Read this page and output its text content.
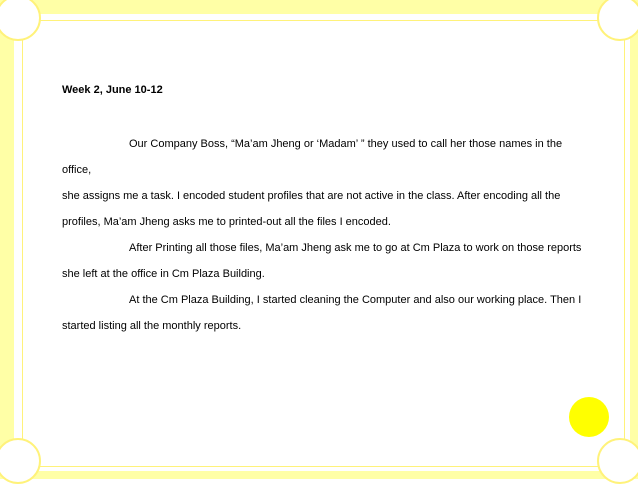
Week 2, June 10-12

Our Company Boss, “Ma’am Jheng or ‘Madam’ ” they used to call her those names in the office,
she assigns me a task. I encoded student profiles that are not active in the class. After encoding all the
profiles, Ma’am Jheng asks me to printed-out all the files I encoded.

After Printing all those files, Ma’am Jheng ask me to go at Cm Plaza to work on those reports
she left at the office in Cm Plaza Building.

At the Cm Plaza Building, I started cleaning the Computer and also our working place. Then I
started listing all the monthly reports.
